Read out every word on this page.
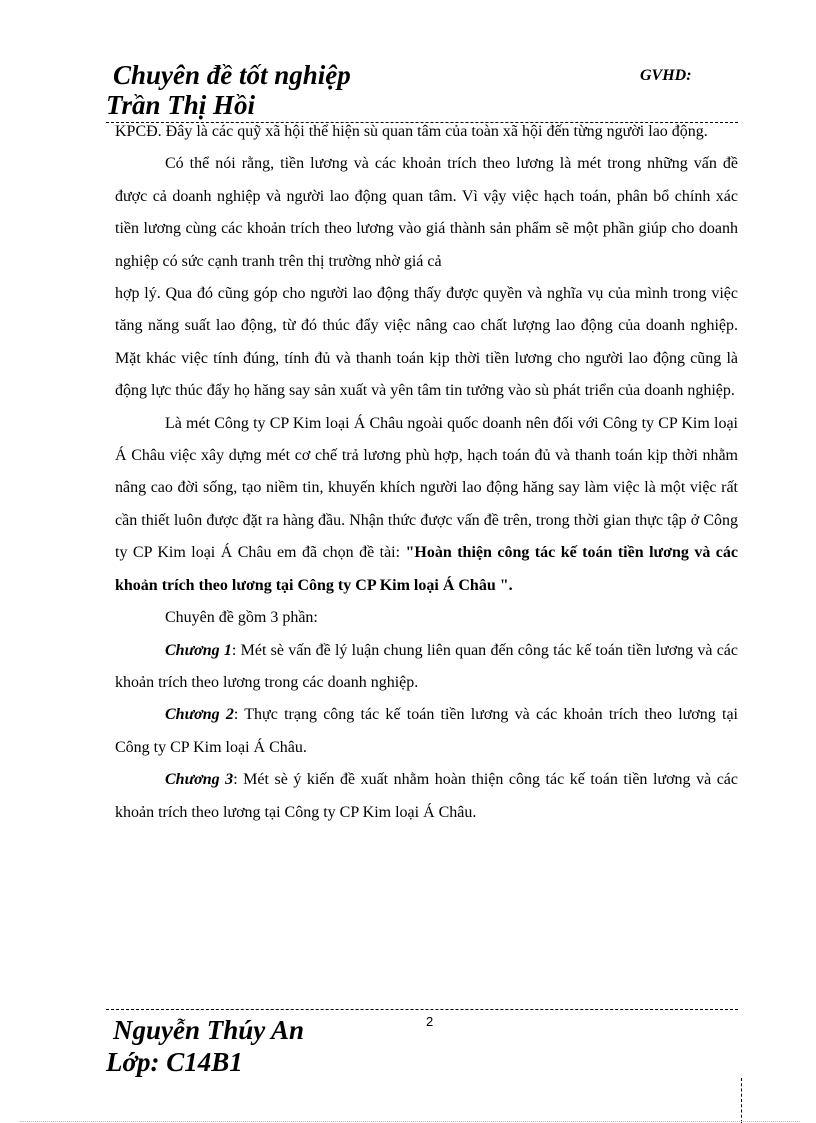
Chuyên đề tốt nghiệp	GVHD:
Trần Thị Hồi

KPCĐ. Đây là các quỹ xã hội thể hiện sù quan tâm của toàn xã hội đến từng người lao động.

Có thể nói rằng, tiền lương và các khoản trích theo lương là mét trong những vấn đề được cả doanh nghiệp và người lao động quan tâm. Vì vậy việc hạch toán, phân bổ chính xác tiền lương cùng các khoản trích theo lương vào giá thành sản phẩm sẽ một phần giúp cho doanh nghiệp có sức cạnh tranh trên thị trường nhờ giá cả

hợp lý. Qua đó cũng góp cho người lao động thấy được quyền và nghĩa vụ của mình trong việc tăng năng suất lao động, từ đó thúc đẩy việc nâng cao chất lượng lao động của doanh nghiệp. Mặt khác việc tính đúng, tính đủ và thanh toán kịp thời tiền lương cho người lao động cũng là động lực thúc đẩy họ hăng say sản xuất và yên tâm tin tưởng vào sù phát triển của doanh nghiệp.

Là mét Công ty CP Kim loại Á Châu ngoài quốc doanh nên đối với Công ty CP Kim loại Á Châu việc xây dựng mét cơ chế trả lương phù hợp, hạch toán đủ và thanh toán kịp thời nhằm nâng cao đời sống, tạo niềm tin, khuyến khích người lao động hăng say làm việc là một việc rất cần thiết luôn được đặt ra hàng đầu. Nhận thức được vấn đề trên, trong thời gian thực tập ở Công ty CP Kim loại Á Châu em đã chọn đề tài: "Hoàn thiện công tác kế toán tiền lương và các khoản trích theo lương tại Công ty CP Kim loại Á Châu ".

Chuyên đề gồm 3 phần:

Chương 1: Mét sè vấn đề lý luận chung liên quan đến công tác kế toán tiền lương và các khoản trích theo lương trong các doanh nghiệp.

Chương 2: Thực trạng công tác kế toán tiền lương và các khoản trích theo lương tại Công ty CP Kim loại Á Châu.

Chương 3: Mét sè ý kiến đề xuất nhằm hoàn thiện công tác kế toán tiền lương và các khoản trích theo lương tại Công ty CP Kim loại Á Châu.

2
Nguyễn Thúy An
Lớp: C14B1
